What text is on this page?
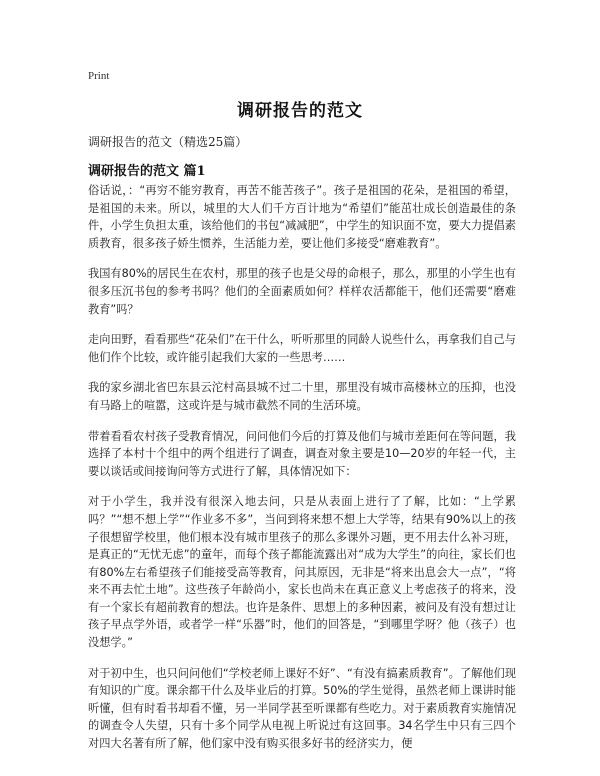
Print
调研报告的范文
调研报告的范文（精选25篇）
调研报告的范文 篇1

俗话说，：“再穷不能穷教育，再苦不能苦孩子”。孩子是祖国的花朵，是祖国的希望，是祖国的未来。所以，城里的大人们千方百计地为“希望们”能茁壮成长创造最佳的条件，小学生负担太重，该给他们的书包“减减肥”，中学生的知识面不宽，要大力提倡素质教育，很多孩子娇生惯养，生活能力差，要让他们多接受“磨难教育”。

我国有80%的居民生在农村，那里的孩子也是父母的命根子，那么，那里的小学生也有很多压沉书包的参考书吗？他们的全面素质如何？样样农活都能干，他们还需要“磨难教育”吗？

走向田野，看看那些“花朵们”在干什么，听听那里的同龄人说些什么，再拿我们自己与他们作个比较，或许能引起我们大家的一些思考……

我的家乡湖北省巴东县云沱村高县城不过二十里，那里没有城市高楼林立的压抑，也没有马路上的喧嚣，这或许是与城市截然不同的生活环境。

带着看看农村孩子受教育情况，问问他们今后的打算及他们与城市差距何在等问题，我选择了本村十个组中的两个组进行了调查，调查对象主要是10—20岁的年轻一代，主要以谈话或间接询问等方式进行了解，具体情况如下：

对于小学生，我并没有很深入地去问，只是从表面上进行了了解，比如：“上学累吗？”“想不想上学”“作业多不多”，当问到将来想不想上大学等，结果有90%以上的孩子很想留学校里，他们根本没有城市里孩子的那么多课外习题，更不用去什么补习班，是真正的“无忧无虑”的童年，而每个孩子都能流露出对“成为大学生”的向往，家长们也有80%左右希望孩子们能接受高等教育，问其原因，无非是“将来出息会大一点”，“将来不再去忙土地”。这些孩子年龄尚小，家长也尚未在真正意义上考虑孩子的将来，没有一个家长有超前教育的想法。也许是条件、思想上的多种因素，被问及有没有想过让孩子早点学外语，或者学一样“乐器”时，他们的回答是，“到哪里学呀？他（孩子）也没想学。”

对于初中生，也只问问他们“学校老师上课好不好”、“有没有搞素质教育”。了解他们现有知识的广度。课余都干什么及毕业后的打算。50%的学生觉得，虽然老师上课讲时能听懂，但有时看书却看不懂，另一半同学甚至听课都有些吃力。对于素质教育实施情况的调查令人失望，只有十多个同学从电视上听说过有这回事。34名学生中只有三四个对四大名著有所了解，他们家中没有购买很多好书的经济实力，便
